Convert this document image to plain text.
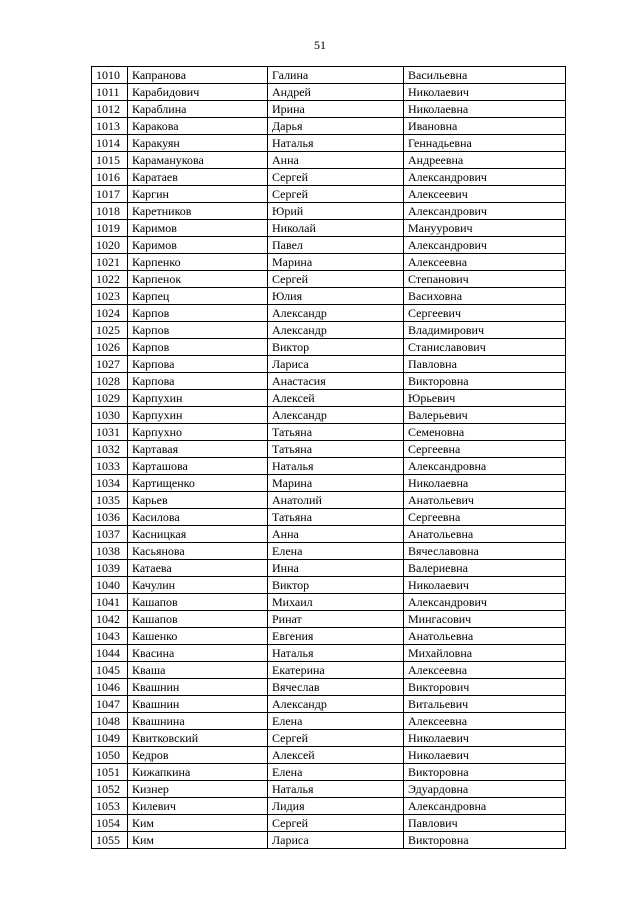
51
1010	Капранова	Галина	Васильевна
1011	Карабидович	Андрей	Николаевич
1012	Караблина	Ирина	Николаевна
1013	Каракова	Дарья	Ивановна
1014	Каракуян	Наталья	Геннадьевна
1015	Караманукова	Анна	Андреевна
1016	Каратаев	Сергей	Александрович
1017	Каргин	Сергей	Алексеевич
1018	Каретников	Юрий	Александрович
1019	Каримов	Николай	Мануурович
1020	Каримов	Павел	Александрович
1021	Карпенко	Марина	Алексеевна
1022	Карпенок	Сергей	Степанович
1023	Карпец	Юлия	Васиховна
1024	Карпов	Александр	Сергеевич
1025	Карпов	Александр	Владимирович
1026	Карпов	Виктор	Станиславович
1027	Карпова	Лариса	Павловна
1028	Карпова	Анастасия	Викторовна
1029	Карпухин	Алексей	Юрьевич
1030	Карпухин	Александр	Валерьевич
1031	Карпухно	Татьяна	Семеновна
1032	Картавая	Татьяна	Сергеевна
1033	Карташова	Наталья	Александровна
1034	Картищенко	Марина	Николаевна
1035	Карьев	Анатолий	Анатольевич
1036	Касилова	Татьяна	Сергеевна
1037	Касницкая	Анна	Анатольевна
1038	Касьянова	Елена	Вячеславовна
1039	Катаева	Инна	Валериевна
1040	Качулин	Виктор	Николаевич
1041	Кашапов	Михаил	Александрович
1042	Кашапов	Ринат	Мингасович
1043	Кашенко	Евгения	Анатольевна
1044	Квасина	Наталья	Михайловна
1045	Кваша	Екатерина	Алексеевна
1046	Квашнин	Вячеслав	Викторович
1047	Квашнин	Александр	Витальевич
1048	Квашнина	Елена	Алексеевна
1049	Квитковский	Сергей	Николаевич
1050	Кедров	Алексей	Николаевич
1051	Кижапкина	Елена	Викторовна
1052	Кизнер	Наталья	Эдуардовна
1053	Килевич	Лидия	Александровна
1054	Ким	Сергей	Павлович
1055	Ким	Лариса	Викторовна
